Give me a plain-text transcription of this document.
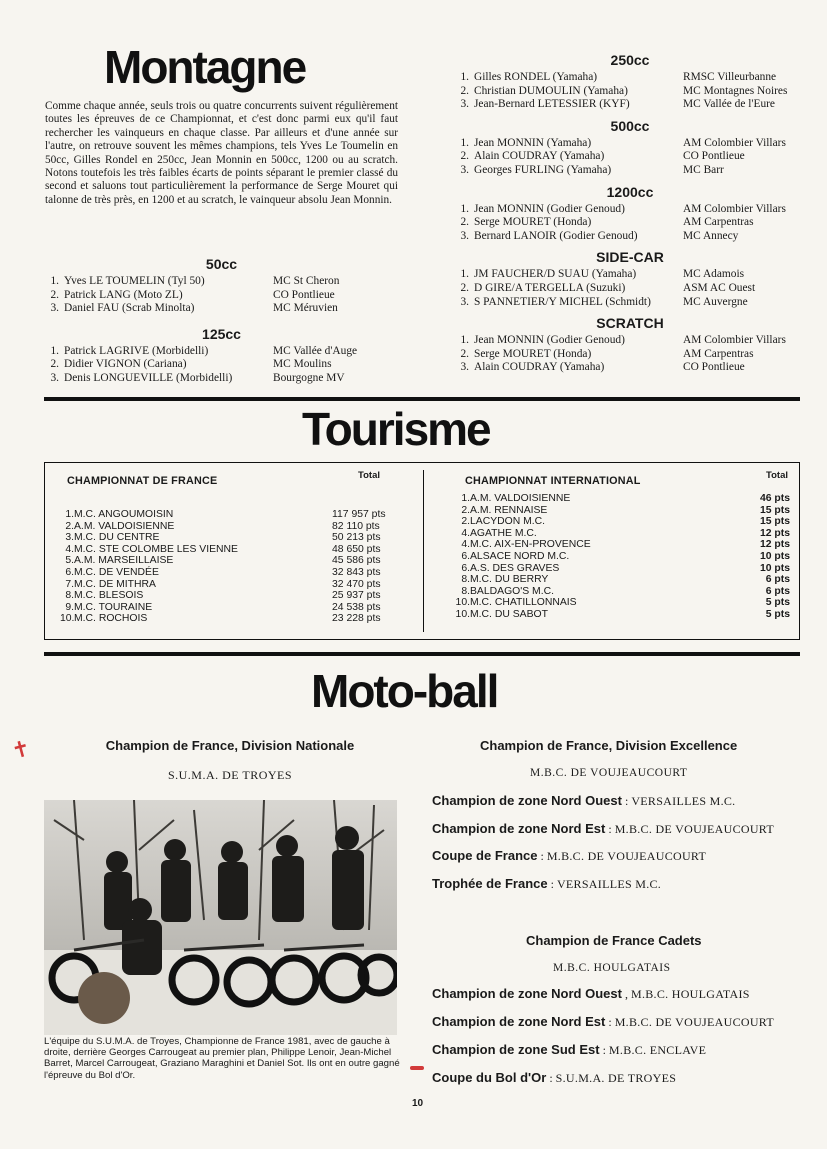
Montagne
Comme chaque année, seuls trois ou quatre concurrents suivent régulièrement toutes les épreuves de ce Championnat, et c'est donc parmi eux qu'il faut rechercher les vainqueurs en chaque classe. Par ailleurs et d'une année sur l'autre, on retrouve souvent les mêmes champions, tels Yves Le Toumelin en 50cc, Gilles Rondel en 250cc, Jean Monnin en 500cc, 1200 ou au scratch. Notons toutefois les très faibles écarts de points séparant le premier classé du second et saluons tout particulièrement la performance de Serge Mouret qui talonne de très près, en 1200 et au scratch, le vainqueur absolu Jean Monnin.
50cc
1. Yves LE TOUMELIN (Tyl 50)	MC St Cheron
2. Patrick LANG (Moto ZL)	CO Pontlieue
3. Daniel FAU (Scrab Minolta)	MC Méruvien
125cc
1. Patrick LAGRIVE (Morbidelli)	MC Vallée d'Auge
2. Didier VIGNON (Cariana)	MC Moulins
3. Denis LONGUEVILLE (Morbidelli)	Bourgogne MV
250cc
1. Gilles RONDEL (Yamaha)	RMSC Villeurbanne
2. Christian DUMOULIN (Yamaha)	MC Montagnes Noires
3. Jean-Bernard LETESSIER (KYF)	MC Vallée de l'Eure
500cc
1. Jean MONNIN (Yamaha)	AM Colombier Villars
2. Alain COUDRAY (Yamaha)	CO Pontlieue
3. Georges FURLING (Yamaha)	MC Barr
1200cc
1. Jean MONNIN (Godier Genoud)	AM Colombier Villars
2. Serge MOURET (Honda)	AM Carpentras
3. Bernard LANOIR (Godier Genoud)	MC Annecy
SIDE-CAR
1. JM FAUCHER/D SUAU (Yamaha)	MC Adamois
2. D GIRE/A TERGELLA (Suzuki)	ASM AC Ouest
3. S PANNETIER/Y MICHEL (Schmidt)	MC Auvergne
SCRATCH
1. Jean MONNIN (Godier Genoud)	AM Colombier Villars
2. Serge MOURET (Honda)	AM Carpentras
3. Alain COUDRAY (Yamaha)	CO Pontlieue
Tourisme
CHAMPIONNAT DE FRANCE	Total
1. M.C. ANGOUMOISIN	117 957 pts
2. A.M. VALDOISIENNE	82 110 pts
3. M.C. DU CENTRE	50 213 pts
4. M.C. STE COLOMBE LES VIENNE	48 650 pts
5. A.M. MARSEILLAISE	45 586 pts
6. M.C. DE VENDÉE	32 843 pts
7. M.C. DE MITHRA	32 470 pts
8. M.C. BLESOIS	25 937 pts
9. M.C. TOURAINE	24 538 pts
10. M.C. ROCHOIS	23 228 pts
CHAMPIONNAT INTERNATIONAL	Total
1. A.M. VALDOISIENNE	46 pts
2. A.M. RENNAISE	15 pts
2. LACYDON M.C.	15 pts
4. AGATHE M.C.	12 pts
4. M.C. AIX-EN-PROVENCE	12 pts
6. ALSACE NORD M.C.	10 pts
6. A.S. DES GRAVES	10 pts
8. M.C. DU BERRY	6 pts
8. BALDAGO'S M.C.	6 pts
10. M.C. CHATILLONNAIS	5 pts
10. M.C. DU SABOT	5 pts
Moto-ball
✝	Champion de France, Division Nationale
S.U.M.A. DE TROYES
L'équipe du S.U.M.A. de Troyes, Championne de France 1981, avec de gauche à droite, derrière Georges Carrougeat au premier plan, Philippe Lenoir, Jean-Michel Barret, Marcel Carrougeat, Graziano Maraghini et Daniel Sot. Ils ont en outre gagné l'épreuve du Bol d'Or.
Champion de France, Division Excellence
M.B.C. DE VOUJEAUCOURT
Champion de zone Nord Ouest : VERSAILLES M.C.
Champion de zone Nord Est : M.B.C. DE VOUJEAUCOURT
Coupe de France : M.B.C. DE VOUJEAUCOURT
Trophée de France : VERSAILLES M.C.
Champion de France Cadets
M.B.C. HOULGATAIS
Champion de zone Nord Ouest , M.B.C. HOULGATAIS
Champion de zone Nord Est : M.B.C. DE VOUJEAUCOURT
Champion de zone Sud Est : M.B.C. ENCLAVE
Coupe du Bol d'Or : S.U.M.A. DE TROYES
10
